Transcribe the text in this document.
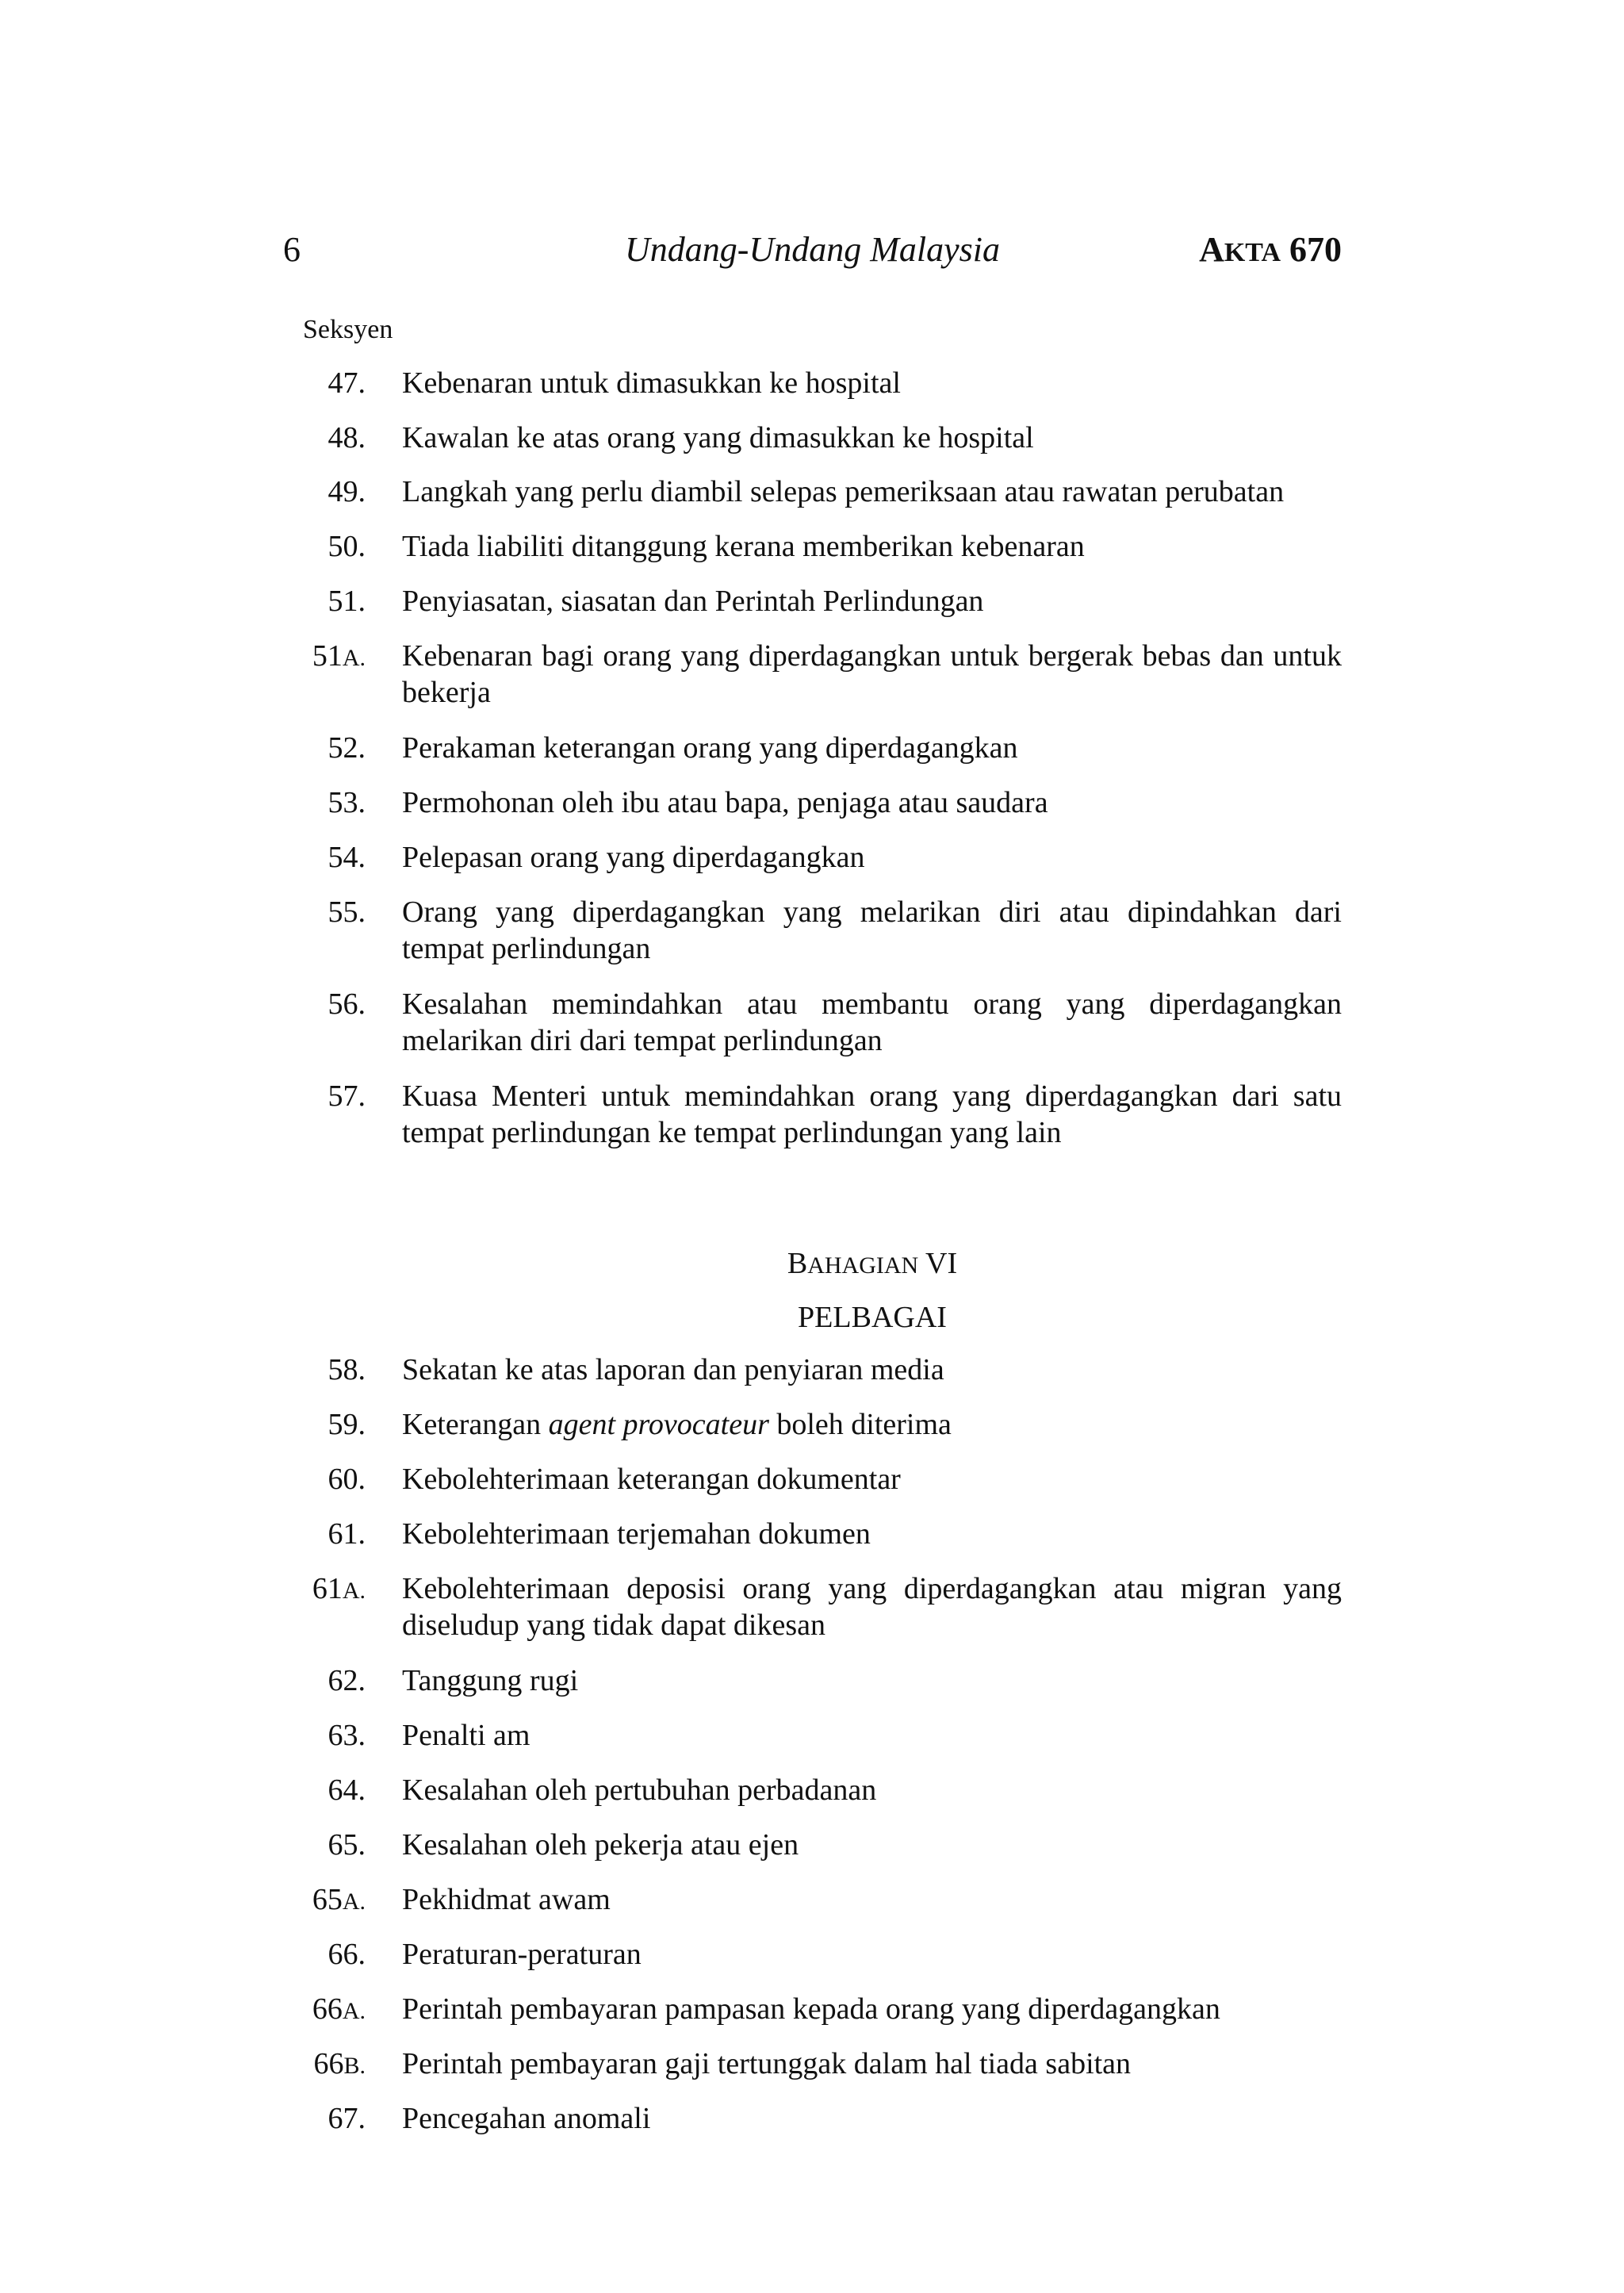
6	Undang-Undang Malaysia	AKTA 670
Seksyen
47. Kebenaran untuk dimasukkan ke hospital
48. Kawalan ke atas orang yang dimasukkan ke hospital
49. Langkah yang perlu diambil selepas pemeriksaan atau rawatan perubatan
50. Tiada liabiliti ditanggung kerana memberikan kebenaran
51. Penyiasatan, siasatan dan Perintah Perlindungan
51A. Kebenaran bagi orang yang diperdagangkan untuk bergerak bebas dan untuk bekerja
52. Perakaman keterangan orang yang diperdagangkan
53. Permohonan oleh ibu atau bapa, penjaga atau saudara
54. Pelepasan orang yang diperdagangkan
55. Orang yang diperdagangkan yang melarikan diri atau dipindahkan dari tempat perlindungan
56. Kesalahan memindahkan atau membantu orang yang diperdagangkan melarikan diri dari tempat perlindungan
57. Kuasa Menteri untuk memindahkan orang yang diperdagangkan dari satu tempat perlindungan ke tempat perlindungan yang lain
BAHAGIAN VI
PELBAGAI
58. Sekatan ke atas laporan dan penyiaran media
59. Keterangan agent provocateur boleh diterima
60. Kebolehterimaan keterangan dokumentar
61. Kebolehterimaan terjemahan dokumen
61A. Kebolehterimaan deposisi orang yang diperdagangkan atau migran yang diseludup yang tidak dapat dikesan
62. Tanggung rugi
63. Penalti am
64. Kesalahan oleh pertubuhan perbadanan
65. Kesalahan oleh pekerja atau ejen
65A. Pekhidmat awam
66. Peraturan-peraturan
66A. Perintah pembayaran pampasan kepada orang yang diperdagangkan
66B. Perintah pembayaran gaji tertunggak dalam hal tiada sabitan
67. Pencegahan anomali
